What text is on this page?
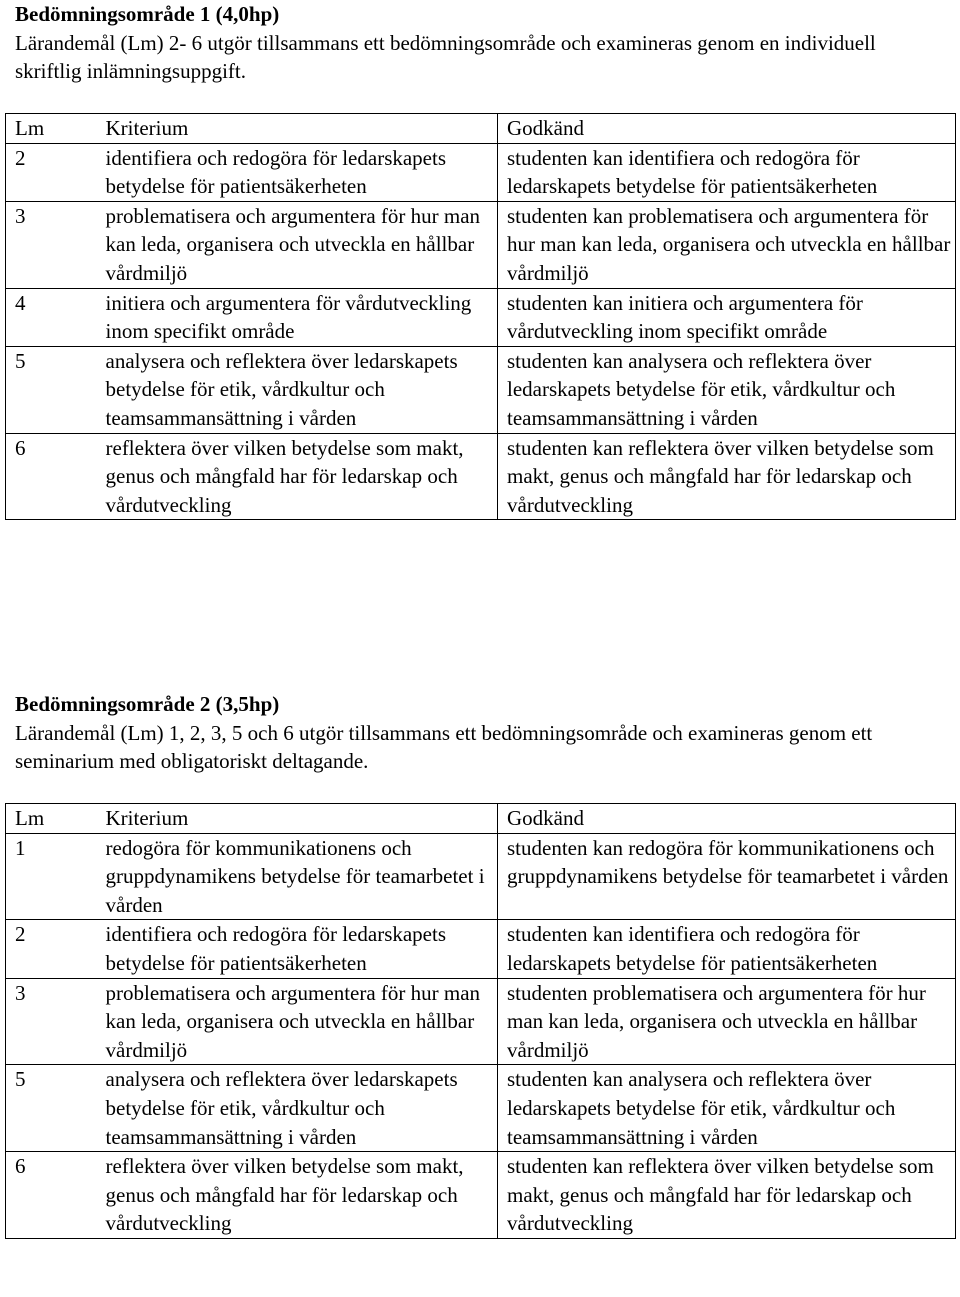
Bedömningsområde 1 (4,0hp)

Lärandemål (Lm) 2- 6 utgör tillsammans ett bedömningsområde och examineras genom en individuell skriftlig inlämningsuppgift.

Lm	Kriterium	Godkänd
2	identifiera och redogöra för ledarskapets betydelse för patientsäkerheten	studenten kan identifiera och redogöra för ledarskapets betydelse för patientsäkerheten
3	problematisera och argumentera för hur man kan leda, organisera och utveckla en hållbar vårdmiljö	studenten kan problematisera och argumentera för hur man kan leda, organisera och utveckla en hållbar vårdmiljö
4	initiera och argumentera för vårdutveckling inom specifikt område	studenten kan initiera och argumentera för vårdutveckling inom specifikt område
5	analysera och reflektera över ledarskapets betydelse för etik, vårdkultur och teamsammansättning i vården	studenten kan analysera och reflektera över ledarskapets betydelse för etik, vårdkultur och teamsammansättning i vården
6	reflektera över vilken betydelse som makt, genus och mångfald har för ledarskap och vårdutveckling	studenten kan reflektera över vilken betydelse som makt, genus och mångfald har för ledarskap och vårdutveckling

Bedömningsområde 2 (3,5hp)

Lärandemål (Lm) 1, 2, 3, 5 och 6 utgör tillsammans ett bedömningsområde och examineras genom ett seminarium med obligatoriskt deltagande.

Lm	Kriterium	Godkänd
1	redogöra för kommunikationens och gruppdynamikens betydelse för teamarbetet i vården	studenten kan redogöra för kommunikationens och gruppdynamikens betydelse för teamarbetet i vården
2	identifiera och redogöra för ledarskapets betydelse för patientsäkerheten	studenten kan identifiera och redogöra för ledarskapets betydelse för patientsäkerheten
3	problematisera och argumentera för hur man kan leda, organisera och utveckla en hållbar vårdmiljö	studenten problematisera och argumentera för hur man kan leda, organisera och utveckla en hållbar vårdmiljö
5	analysera och reflektera över ledarskapets betydelse för etik, vårdkultur och teamsammansättning i vården	studenten kan analysera och reflektera över ledarskapets betydelse för etik, vårdkultur och teamsammansättning i vården
6	reflektera över vilken betydelse som makt, genus och mångfald har för ledarskap och vårdutveckling	studenten kan reflektera över vilken betydelse som makt, genus och mångfald har för ledarskap och vårdutveckling
